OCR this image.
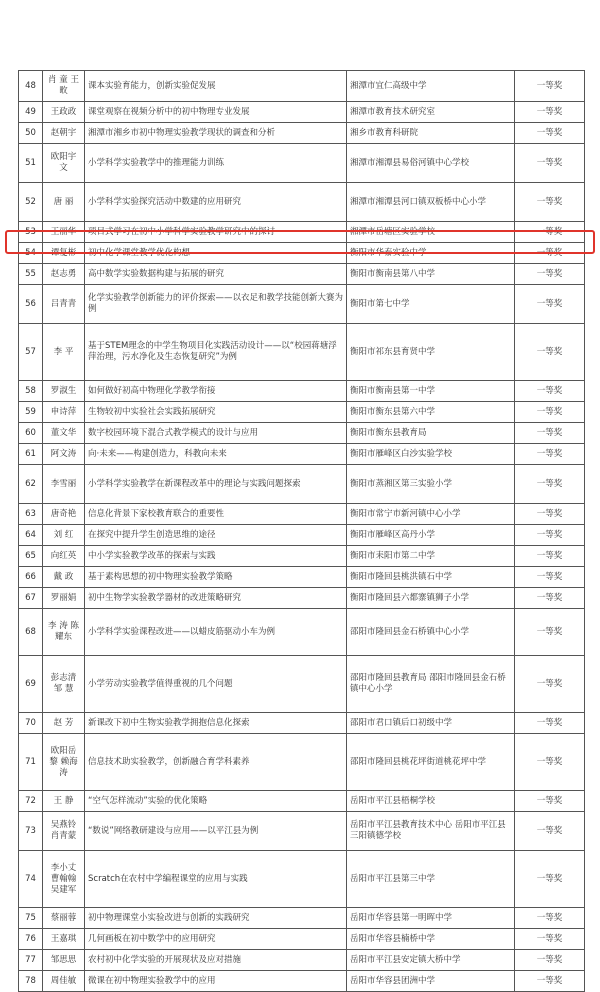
48	肖 童 王 畋	课本实验育能力，创新实验促发展	湘潭市宜仁高级中学	一等奖
49	王政政	课堂观察在视频分析中的初中物理专业发展	湘潭市教育技术研究室	一等奖
50	赵朝宇	湘潭市湘乡市初中物理实验教学现状的调查和分析	湘乡市教育科研院	一等奖
51	欧阳宇 文	小学科学实验教学中的推理能力训练	湘潭市湘潭县易俗河镇中心学校	一等奖
52	唐 丽	小学科学实验探究活动中数建的应用研究	湘潭市湘潭县河口镇双板桥中心小学	一等奖
53	王丽华	项目式学习在初中小学科学实验教学研究中的探讨	湘潭市岳塘区实验学校	一等奖
54	谭复彬	初中化学课堂教学优化构想	衡阳市华泰实验中学	一等奖
55	赵志勇	高中数学实验数据构建与拓展的研究	衡阳市衡南县第八中学	一等奖
56	吕青青	化学实验教学创新能力的评价探索——以衣足和教学技能创新大赛为例	衡阳市第七中学	一等奖
57	李 平	基于STEM理念的中学生物项目化实践活动设计——以“校园蒋塘浮萍治理，污水净化及生态恢复研究”为例	衡阳市祁东县育贤中学	一等奖
58	罗淑生	如何做好初高中物理化学教学衔接	衡阳市衡南县第一中学	一等奖
59	申诗萍	生物较初中实验社会实践拓展研究	衡阳市衡东县第六中学	一等奖
60	董文华	数字校园环境下混合式教学模式的设计与应用	衡阳市衡东县教育局	一等奖
61	阿文涛	向·未来——构建创造力，科教向未来	衡阳市雁峰区白沙实验学校	一等奖
62	李雪丽	小学科学实验教学在新课程改革中的理论与实践问题探索	衡阳市蒸湘区第三实验小学	一等奖
63	唐奇艳	信息化背景下家校教育联合的重要性	衡阳市常宁市新河镇中心小学	一等奖
64	刘 红	在探究中提升学生创造思维的途径	衡阳市雁峰区高丹小学	一等奖
65	向红英	中小学实验教学改革的探索与实践	衡阳市耒阳市第二中学	一等奖
66	戴 政	基于素构思想的初中物理实验教学策略	衡阳市隆回县桃洪镇石中学	一等奖
67	罗丽娟	初中生物学实验教学器材的改进策略研究	衡阳市隆回县六都寨镇狮子小学	一等奖
68	李 涛 陈耀东	小学科学实验课程改进——以蜡皮筋驱动小车为例	邵阳市隆回县金石桥镇中心小学	一等奖
69	彭志清 邹 慧	小学劳动实验教学值得重视的几个问题	邵阳市隆回县教育局 邵阳市隆回县金石桥镇中心小学	一等奖
70	赵 芳	新课改下初中生物实验教学拥抱信息化探索	邵阳市君口镇后口初级中学	一等奖
71	欧阳岳 黎 赖海涛	信息技术助实验教学，创新融合育学科素养	邵阳市隆回县桃花坪街道桃花坪中学	一等奖
72	王 静	“空气怎样流动”实验的优化策略	岳阳市平江县梧桐学校	一等奖
73	吴燕铃 肖青蒙	“数说”网络教研建设与应用——以平江县为例	岳阳市平江县教育技术中心 岳阳市平江县三阳镇德学校	一等奖
74	李小丈 曹翰翰 吴建军	Scratch在农村中学编程课堂的应用与实践	岳阳市平江县第三中学	一等奖
75	蔡丽蓉	初中物理课堂小实验改进与创新的实践研究	岳阳市华容县第一明晖中学	一等奖
76	王嘉琪	几何画板在初中数学中的应用研究	岳阳市华容县楠桥中学	一等奖
77	邹思思	农村初中化学实验的开展现状及应对措施	岳阳市平江县安定镇大桥中学	一等奖
78	周佳敏	微课在初中物理实验教学中的应用	岳阳市华容县团洲中学	一等奖
